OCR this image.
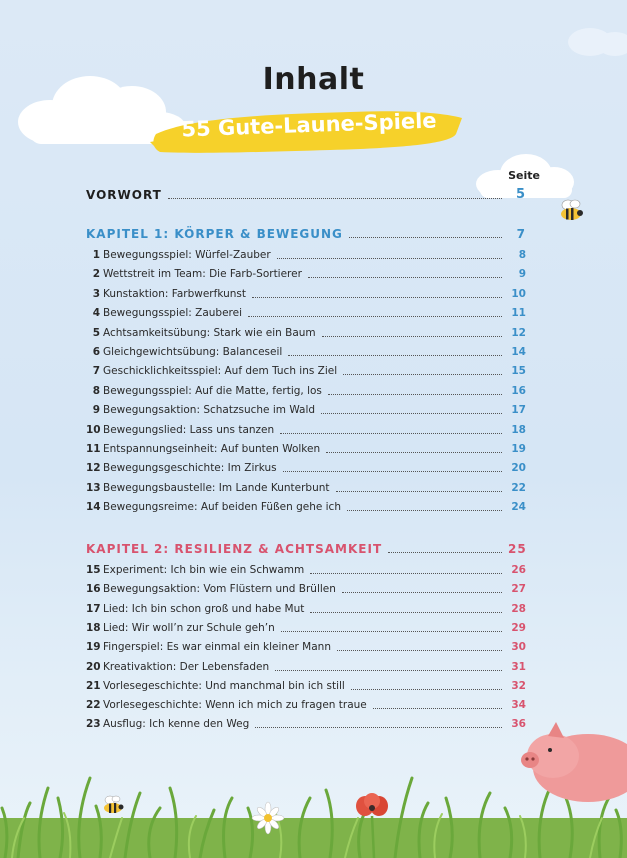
Inhalt
55 Gute-Laune-Spiele
Seite
VORWORT	5
KAPITEL 1: KÖRPER & BEWEGUNG	7
1 Bewegungsspiel: Würfel-Zauber	8
2 Wettstreit im Team: Die Farb-Sortierer	9
3 Kunstaktion: Farbwerfkunst	10
4 Bewegungsspiel: Zauberei	11
5 Achtsamkeitsübung: Stark wie ein Baum	12
6 Gleichgewichtsübung: Balanceseil	14
7 Geschicklichkeitsspiel: Auf dem Tuch ins Ziel	15
8 Bewegungsspiel: Auf die Matte, fertig, los	16
9 Bewegungsaktion: Schatzsuche im Wald	17
10 Bewegungslied: Lass uns tanzen	18
11 Entspannungseinheit: Auf bunten Wolken	19
12 Bewegungsgeschichte: Im Zirkus	20
13 Bewegungsbaustelle: Im Lande Kunterbunt	22
14 Bewegungsreime: Auf beiden Füßen gehe ich	24
KAPITEL 2: RESILIENZ & ACHTSAMKEIT	25
15 Experiment: Ich bin wie ein Schwamm	26
16 Bewegungsaktion: Vom Flüstern und Brüllen	27
17 Lied: Ich bin schon groß und habe Mut	28
18 Lied: Wir woll’n zur Schule geh’n	29
19 Fingerspiel: Es war einmal ein kleiner Mann	30
20 Kreativaktion: Der Lebensfaden	31
21 Vorlesegeschichte: Und manchmal bin ich still	32
22 Vorlesegeschichte: Wenn ich mich zu fragen traue	34
23 Ausflug: Ich kenne den Weg	36
